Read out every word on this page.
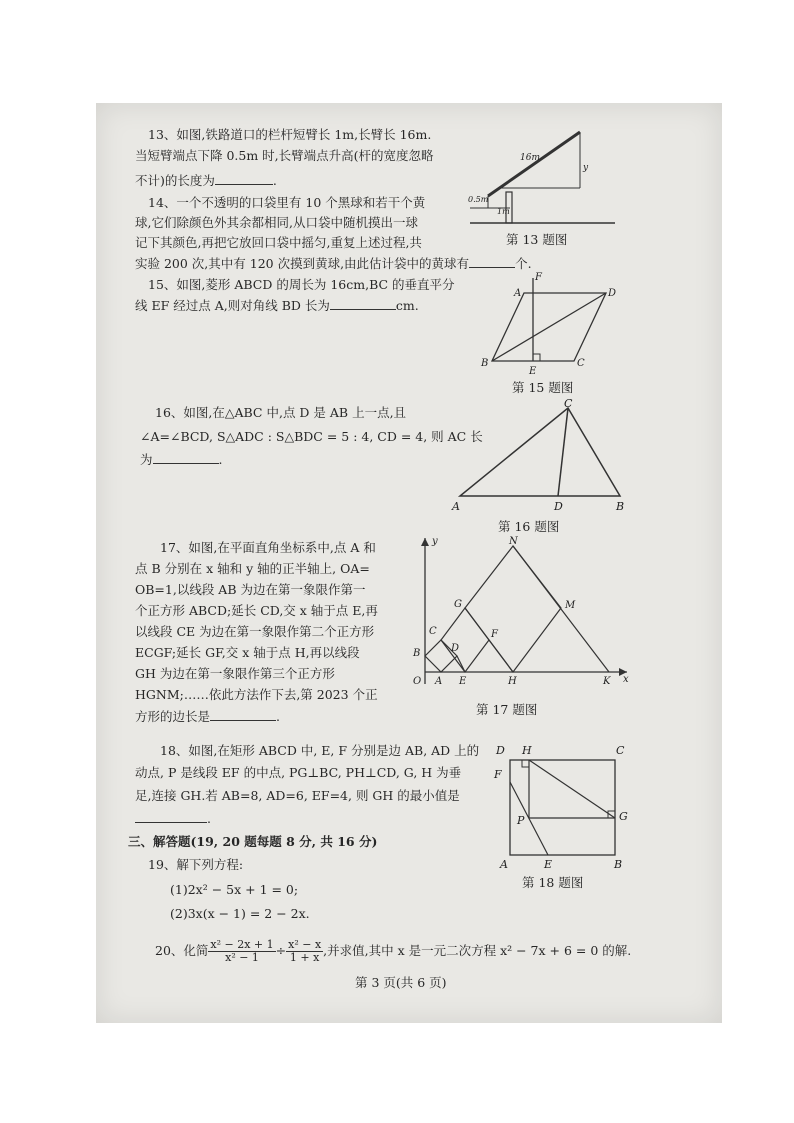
13、如图,铁路道口的栏杆短臂长 1m,长臂长 16m.
当短臂端点下降 0.5m 时,长臂端点升高(杆的宽度忽略
不计)的长度为	.
16m
y
0.5m
1m
第 13 题图
14、一个不透明的口袋里有 10 个黑球和若干个黄
球,它们除颜色外其余都相同,从口袋中随机摸出一球
记下其颜色,再把它放回口袋中摇匀,重复上述过程,共
实验 200 次,其中有 120 次摸到黄球,由此估计袋中的黄球有	个.
15、如图,菱形 ABCD 的周长为 16cm,BC 的垂直平分
线 EF 经过点 A,则对角线 BD 长为	cm.
F
A	D
B	C
E
第 15 题图
16、如图,在△ABC 中,点 D 是 AB 上一点,且
∠A=∠BCD, S△ADC : S△BDC = 5 : 4, CD = 4, 则 AC 长
为	.
C
A	D	B
第 16 题图
17、如图,在平面直角坐标系中,点 A 和
点 B 分别在 x 轴和 y 轴的正半轴上, OA=
OB=1,以线段 AB 为边在第一象限作第一
个正方形 ABCD;延长 CD,交 x 轴于点 E,再
以线段 CE 为边在第一象限作第二个正方形
ECGF;延长 GF,交 x 轴于点 H,再以线段
GH 为边在第一象限作第三个正方形
HGNM;……依此方法作下去,第 2023 个正
方形的边长是	.
y
x
O A
B
C
D
E
F
G
H
M
N
K
第 17 题图
18、如图,在矩形 ABCD 中, E, F 分别是边 AB, AD 上的
动点, P 是线段 EF 的中点, PG⊥BC, PH⊥CD, G, H 为垂
足,连接 GH.若 AB=8, AD=6, EF=4, 则 GH 的最小值是
.
D H	C
F
P	G
A	E	B
第 18 题图
三、解答题(19, 20 题每题 8 分, 共 16 分)
19、解下列方程:
(1)2x² − 5x + 1 = 0;
(2)3x(x − 1) = 2 − 2x.
20、化简 $\frac{\text{x² − 2x + 1}}{\text{x² − 1}} \div \frac{\text{x² − x}}{1 + x}$ ,并求值,其中 x 是一元二次方程 x² − 7x + 6 = 0 的解.
第 3 页(共 6 页)
